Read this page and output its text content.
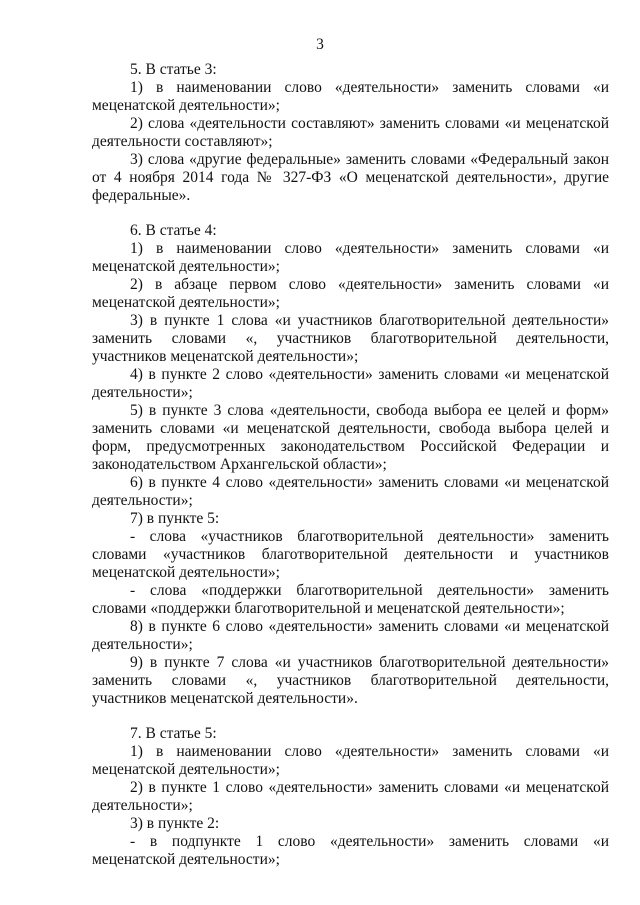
3

5. В статье 3:

1) в наименовании слово «деятельности» заменить словами «и меценатской деятельности»;

2) слова «деятельности составляют» заменить словами «и меценатской деятельности составляют»;

3) слова «другие федеральные» заменить словами «Федеральный закон от 4 ноября 2014 года № 327-ФЗ «О меценатской деятельности», другие федеральные».

6. В статье 4:

1) в наименовании слово «деятельности» заменить словами «и меценатской деятельности»;

2) в абзаце первом слово «деятельности» заменить словами «и меценатской деятельности»;

3) в пункте 1 слова «и участников благотворительной деятельности» заменить словами «, участников благотворительной деятельности, участников меценатской деятельности»;

4) в пункте 2 слово «деятельности» заменить словами «и меценатской деятельности»;

5) в пункте 3 слова «деятельности, свобода выбора ее целей и форм» заменить словами «и меценатской деятельности, свобода выбора целей и форм, предусмотренных законодательством Российской Федерации и законодательством Архангельской области»;

6) в пункте 4 слово «деятельности» заменить словами «и меценатской деятельности»;

7) в пункте 5:

- слова «участников благотворительной деятельности» заменить словами «участников благотворительной деятельности и участников меценатской деятельности»;

- слова «поддержки благотворительной деятельности» заменить словами «поддержки благотворительной и меценатской деятельности»;

8) в пункте 6 слово «деятельности» заменить словами «и меценатской деятельности»;

9) в пункте 7 слова «и участников благотворительной деятельности» заменить словами «, участников благотворительной деятельности, участников меценатской деятельности».

7. В статье 5:

1) в наименовании слово «деятельности» заменить словами «и меценатской деятельности»;

2) в пункте 1 слово «деятельности» заменить словами «и меценатской деятельности»;

3) в пункте 2:

- в подпункте 1 слово «деятельности» заменить словами «и меценатской деятельности»;
